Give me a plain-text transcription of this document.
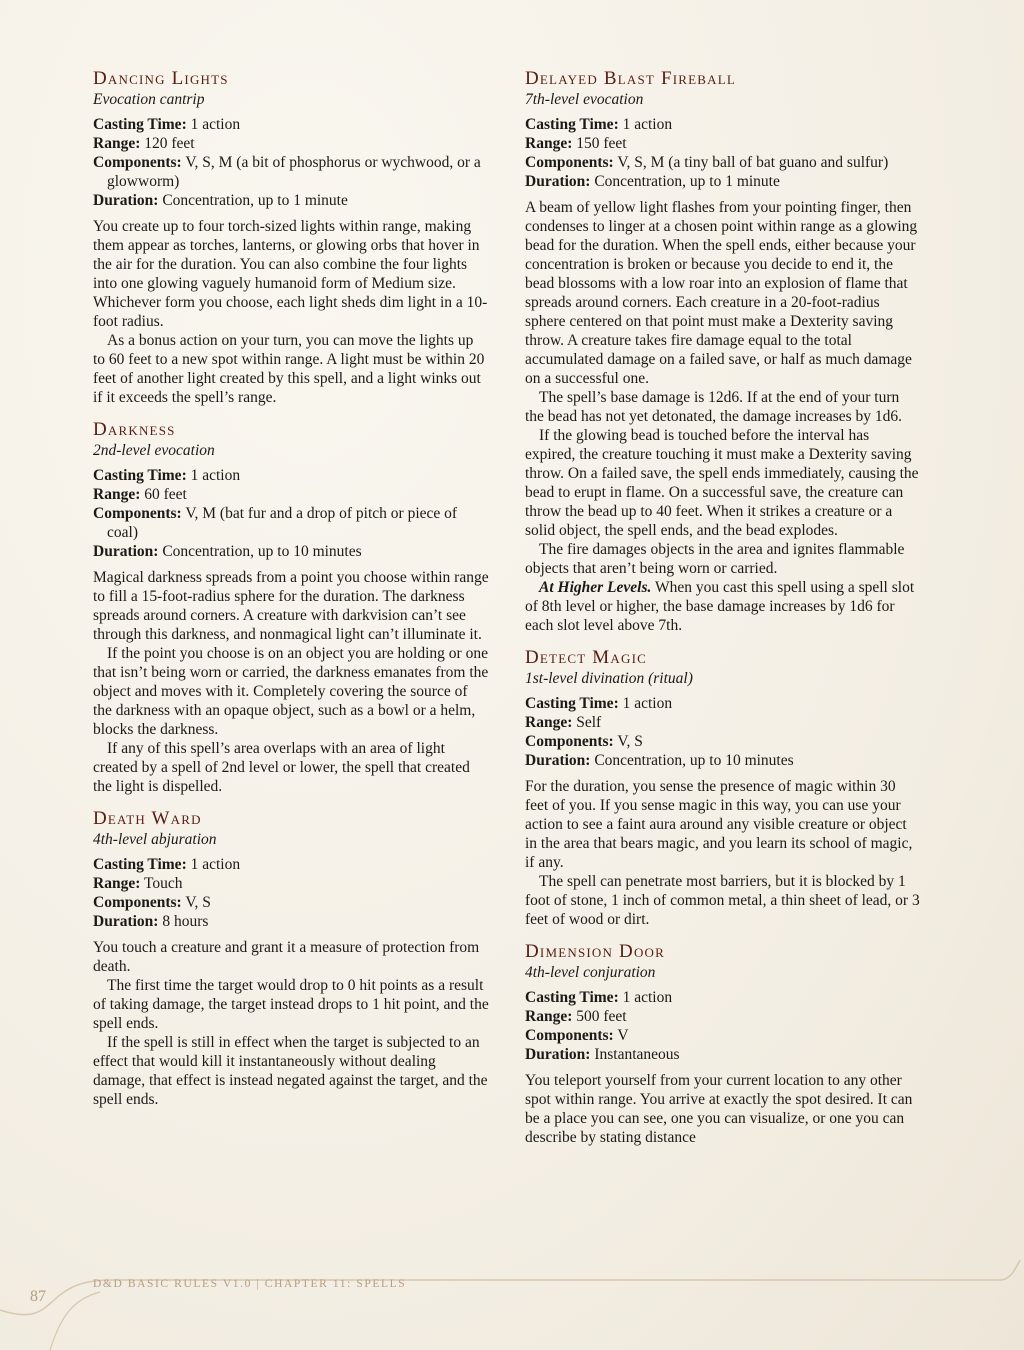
Dancing Lights
Evocation cantrip
Casting Time: 1 action
Range: 120 feet
Components: V, S, M (a bit of phosphorus or wychwood, or a glowworm)
Duration: Concentration, up to 1 minute

You create up to four torch-sized lights within range, making them appear as torches, lanterns, or glowing orbs that hover in the air for the duration. You can also combine the four lights into one glowing vaguely humanoid form of Medium size. Whichever form you choose, each light sheds dim light in a 10-foot radius.

As a bonus action on your turn, you can move the lights up to 60 feet to a new spot within range. A light must be within 20 feet of another light created by this spell, and a light winks out if it exceeds the spell’s range.

Darkness
2nd-level evocation
Casting Time: 1 action
Range: 60 feet
Components: V, M (bat fur and a drop of pitch or piece of coal)
Duration: Concentration, up to 10 minutes

Magical darkness spreads from a point you choose within range to fill a 15-foot-radius sphere for the duration. The darkness spreads around corners. A creature with darkvision can’t see through this darkness, and nonmagical light can’t illuminate it.

If the point you choose is on an object you are holding or one that isn’t being worn or carried, the darkness emanates from the object and moves with it. Completely covering the source of the darkness with an opaque object, such as a bowl or a helm, blocks the darkness.

If any of this spell’s area overlaps with an area of light created by a spell of 2nd level or lower, the spell that created the light is dispelled.

Death Ward
4th-level abjuration
Casting Time: 1 action
Range: Touch
Components: V, S
Duration: 8 hours

You touch a creature and grant it a measure of protection from death.

The first time the target would drop to 0 hit points as a result of taking damage, the target instead drops to 1 hit point, and the spell ends.

If the spell is still in effect when the target is subjected to an effect that would kill it instantaneously without dealing damage, that effect is instead negated against the target, and the spell ends.

Delayed Blast Fireball
7th-level evocation
Casting Time: 1 action
Range: 150 feet
Components: V, S, M (a tiny ball of bat guano and sulfur)
Duration: Concentration, up to 1 minute

A beam of yellow light flashes from your pointing finger, then condenses to linger at a chosen point within range as a glowing bead for the duration. When the spell ends, either because your concentration is broken or because you decide to end it, the bead blossoms with a low roar into an explosion of flame that spreads around corners. Each creature in a 20-foot-radius sphere centered on that point must make a Dexterity saving throw. A creature takes fire damage equal to the total accumulated damage on a failed save, or half as much damage on a successful one.

The spell’s base damage is 12d6. If at the end of your turn the bead has not yet detonated, the damage increases by 1d6.

If the glowing bead is touched before the interval has expired, the creature touching it must make a Dexterity saving throw. On a failed save, the spell ends immediately, causing the bead to erupt in flame. On a successful save, the creature can throw the bead up to 40 feet. When it strikes a creature or a solid object, the spell ends, and the bead explodes.

The fire damages objects in the area and ignites flammable objects that aren’t being worn or carried.

At Higher Levels. When you cast this spell using a spell slot of 8th level or higher, the base damage increases by 1d6 for each slot level above 7th.

Detect Magic
1st-level divination (ritual)
Casting Time: 1 action
Range: Self
Components: V, S
Duration: Concentration, up to 10 minutes

For the duration, you sense the presence of magic within 30 feet of you. If you sense magic in this way, you can use your action to see a faint aura around any visible creature or object in the area that bears magic, and you learn its school of magic, if any.

The spell can penetrate most barriers, but it is blocked by 1 foot of stone, 1 inch of common metal, a thin sheet of lead, or 3 feet of wood or dirt.

Dimension Door
4th-level conjuration
Casting Time: 1 action
Range: 500 feet
Components: V
Duration: Instantaneous

You teleport yourself from your current location to any other spot within range. You arrive at exactly the spot desired. It can be a place you can see, one you can visualize, or one you can describe by stating distance

D&D BASIC RULES V1.0 | CHAPTER 11: SPELLS
87
